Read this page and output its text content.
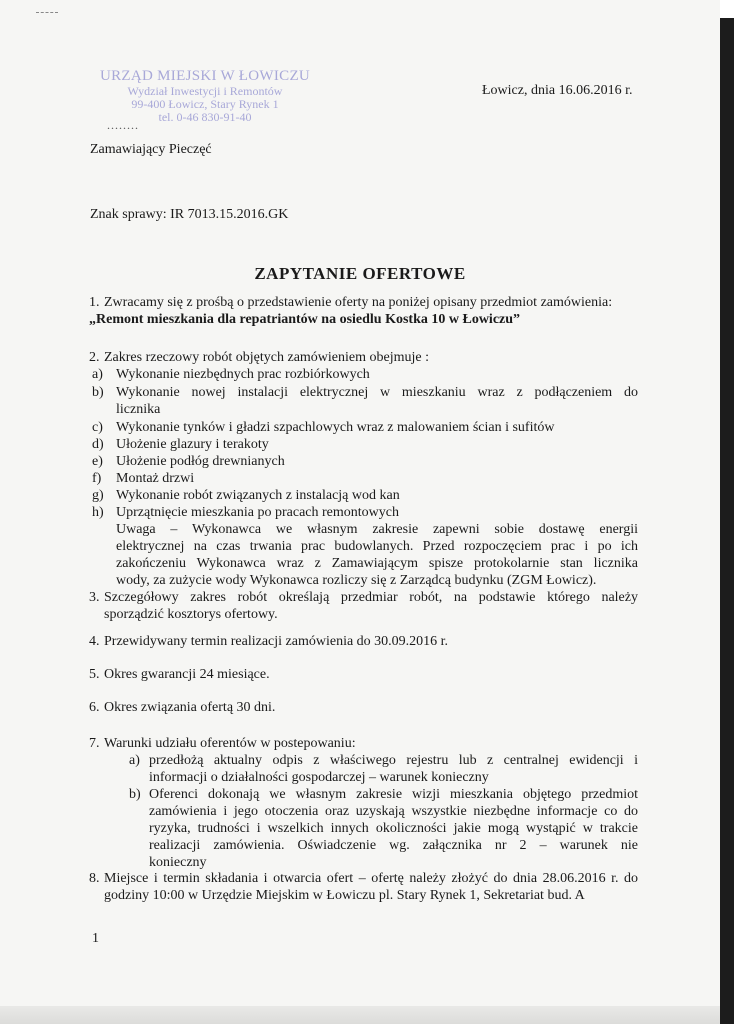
URZĄD MIEJSKI W ŁOWICZU
Wydział Inwestycji i Remontów
99-400 Łowicz, Stary Rynek 1
tel. 0-46 830-91-40
........
Łowicz, dnia 16.06.2016 r.
Zamawiający Pieczęć
Znak sprawy: IR 7013.15.2016.GK
ZAPYTANIE OFERTOWE
1. Zwracamy się z prośbą o przedstawienie oferty na poniżej opisany przedmiot zamówienia:
„Remont mieszkania dla repatriantów na osiedlu Kostka 10 w Łowiczu”
2. Zakres rzeczowy robót objętych zamówieniem obejmuje :
a) Wykonanie niezbędnych prac rozbiórkowych
b) Wykonanie nowej instalacji elektrycznej w mieszkaniu wraz z podłączeniem do
licznika
c) Wykonanie tynków i gładzi szpachlowych wraz z malowaniem ścian i sufitów
d) Ułożenie glazury i terakoty
e) Ułożenie podłóg drewnianych
f) Montaż drzwi
g) Wykonanie robót związanych z instalacją wod kan
h) Uprzątnięcie mieszkania po pracach remontowych
Uwaga – Wykonawca we własnym zakresie zapewni sobie dostawę energii
elektrycznej na czas trwania prac budowlanych. Przed rozpoczęciem prac i po ich
zakończeniu Wykonawca wraz z Zamawiającym spisze protokolarnie stan licznika
wody, za zużycie wody Wykonawca rozliczy się z Zarządcą budynku (ZGM Łowicz).
3. Szczegółowy zakres robót określają przedmiar robót, na podstawie którego należy
sporządzić kosztorys ofertowy.
4. Przewidywany termin realizacji zamówienia do 30.09.2016 r.
5. Okres gwarancji 24 miesiące.
6. Okres związania ofertą 30 dni.
7. Warunki udziału oferentów w postepowaniu:
a) przedłożą aktualny odpis z właściwego rejestru lub z centralnej ewidencji i
informacji o działalności gospodarczej – warunek konieczny
b) Oferenci dokonają we własnym zakresie wizji mieszkania objętego przedmiot
zamówienia i jego otoczenia oraz uzyskają wszystkie niezbędne informacje co do
ryzyka, trudności i wszelkich innych okoliczności jakie mogą wystąpić w trakcie
realizacji zamówienia. Oświadczenie wg. załącznika nr 2 – warunek nie
konieczny
8. Miejsce i termin składania i otwarcia ofert – ofertę należy złożyć do dnia 28.06.2016 r. do
godziny 10:00 w Urzędzie Miejskim w Łowiczu pl. Stary Rynek 1, Sekretariat bud. A
1
